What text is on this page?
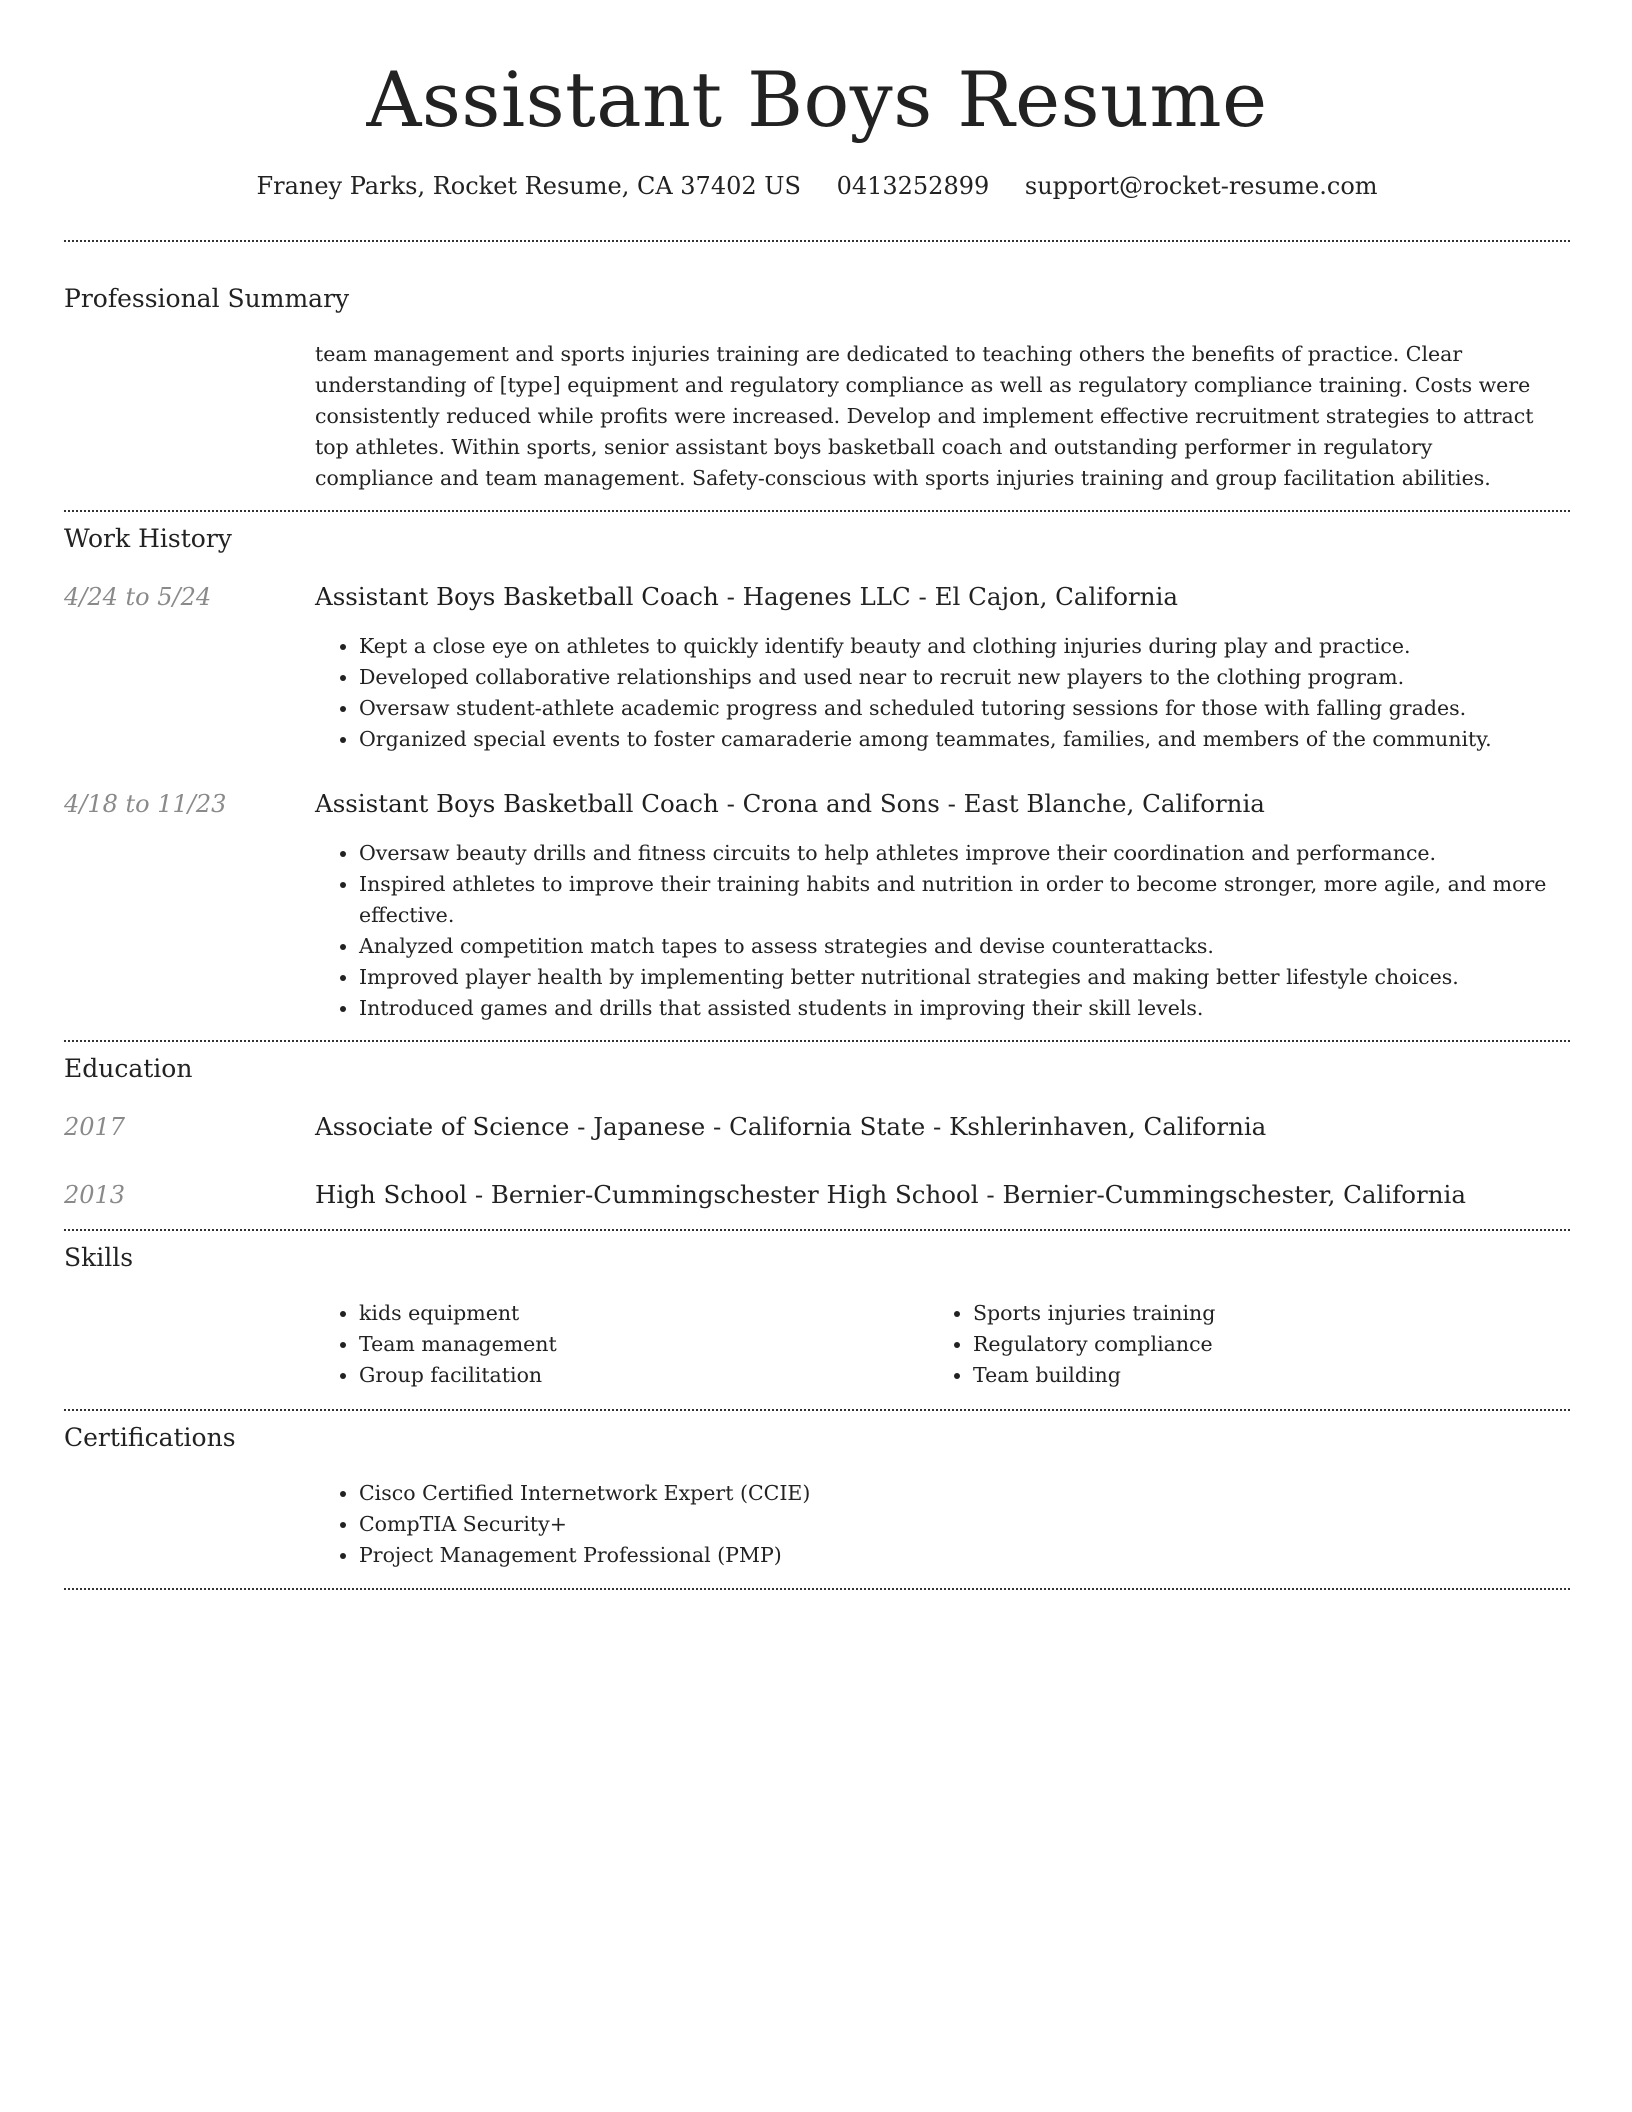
Assistant Boys Resume
Franey Parks, Rocket Resume, CA 37402 US 0413252899 support@rocket-resume.com
Professional Summary
team management and sports injuries training are dedicated to teaching others the benefits of practice. Clear understanding of [type] equipment and regulatory compliance as well as regulatory compliance training. Costs were consistently reduced while profits were increased. Develop and implement effective recruitment strategies to attract top athletes. Within sports, senior assistant boys basketball coach and outstanding performer in regulatory compliance and team management. Safety-conscious with sports injuries training and group facilitation abilities.
Work History
4/24 to 5/24	Assistant Boys Basketball Coach - Hagenes LLC - El Cajon, California
• Kept a close eye on athletes to quickly identify beauty and clothing injuries during play and practice.
• Developed collaborative relationships and used near to recruit new players to the clothing program.
• Oversaw student-athlete academic progress and scheduled tutoring sessions for those with falling grades.
• Organized special events to foster camaraderie among teammates, families, and members of the community.
4/18 to 11/23	Assistant Boys Basketball Coach - Crona and Sons - East Blanche, California
• Oversaw beauty drills and fitness circuits to help athletes improve their coordination and performance.
• Inspired athletes to improve their training habits and nutrition in order to become stronger, more agile, and more effective.
• Analyzed competition match tapes to assess strategies and devise counterattacks.
• Improved player health by implementing better nutritional strategies and making better lifestyle choices.
• Introduced games and drills that assisted students in improving their skill levels.
Education
2017	Associate of Science - Japanese - California State - Kshlerinhaven, California
2013	High School - Bernier-Cummingschester High School - Bernier-Cummingschester, California
Skills
• kids equipment
• Team management
• Group facilitation
• Sports injuries training
• Regulatory compliance
• Team building
Certifications
• Cisco Certified Internetwork Expert (CCIE)
• CompTIA Security+
• Project Management Professional (PMP)
